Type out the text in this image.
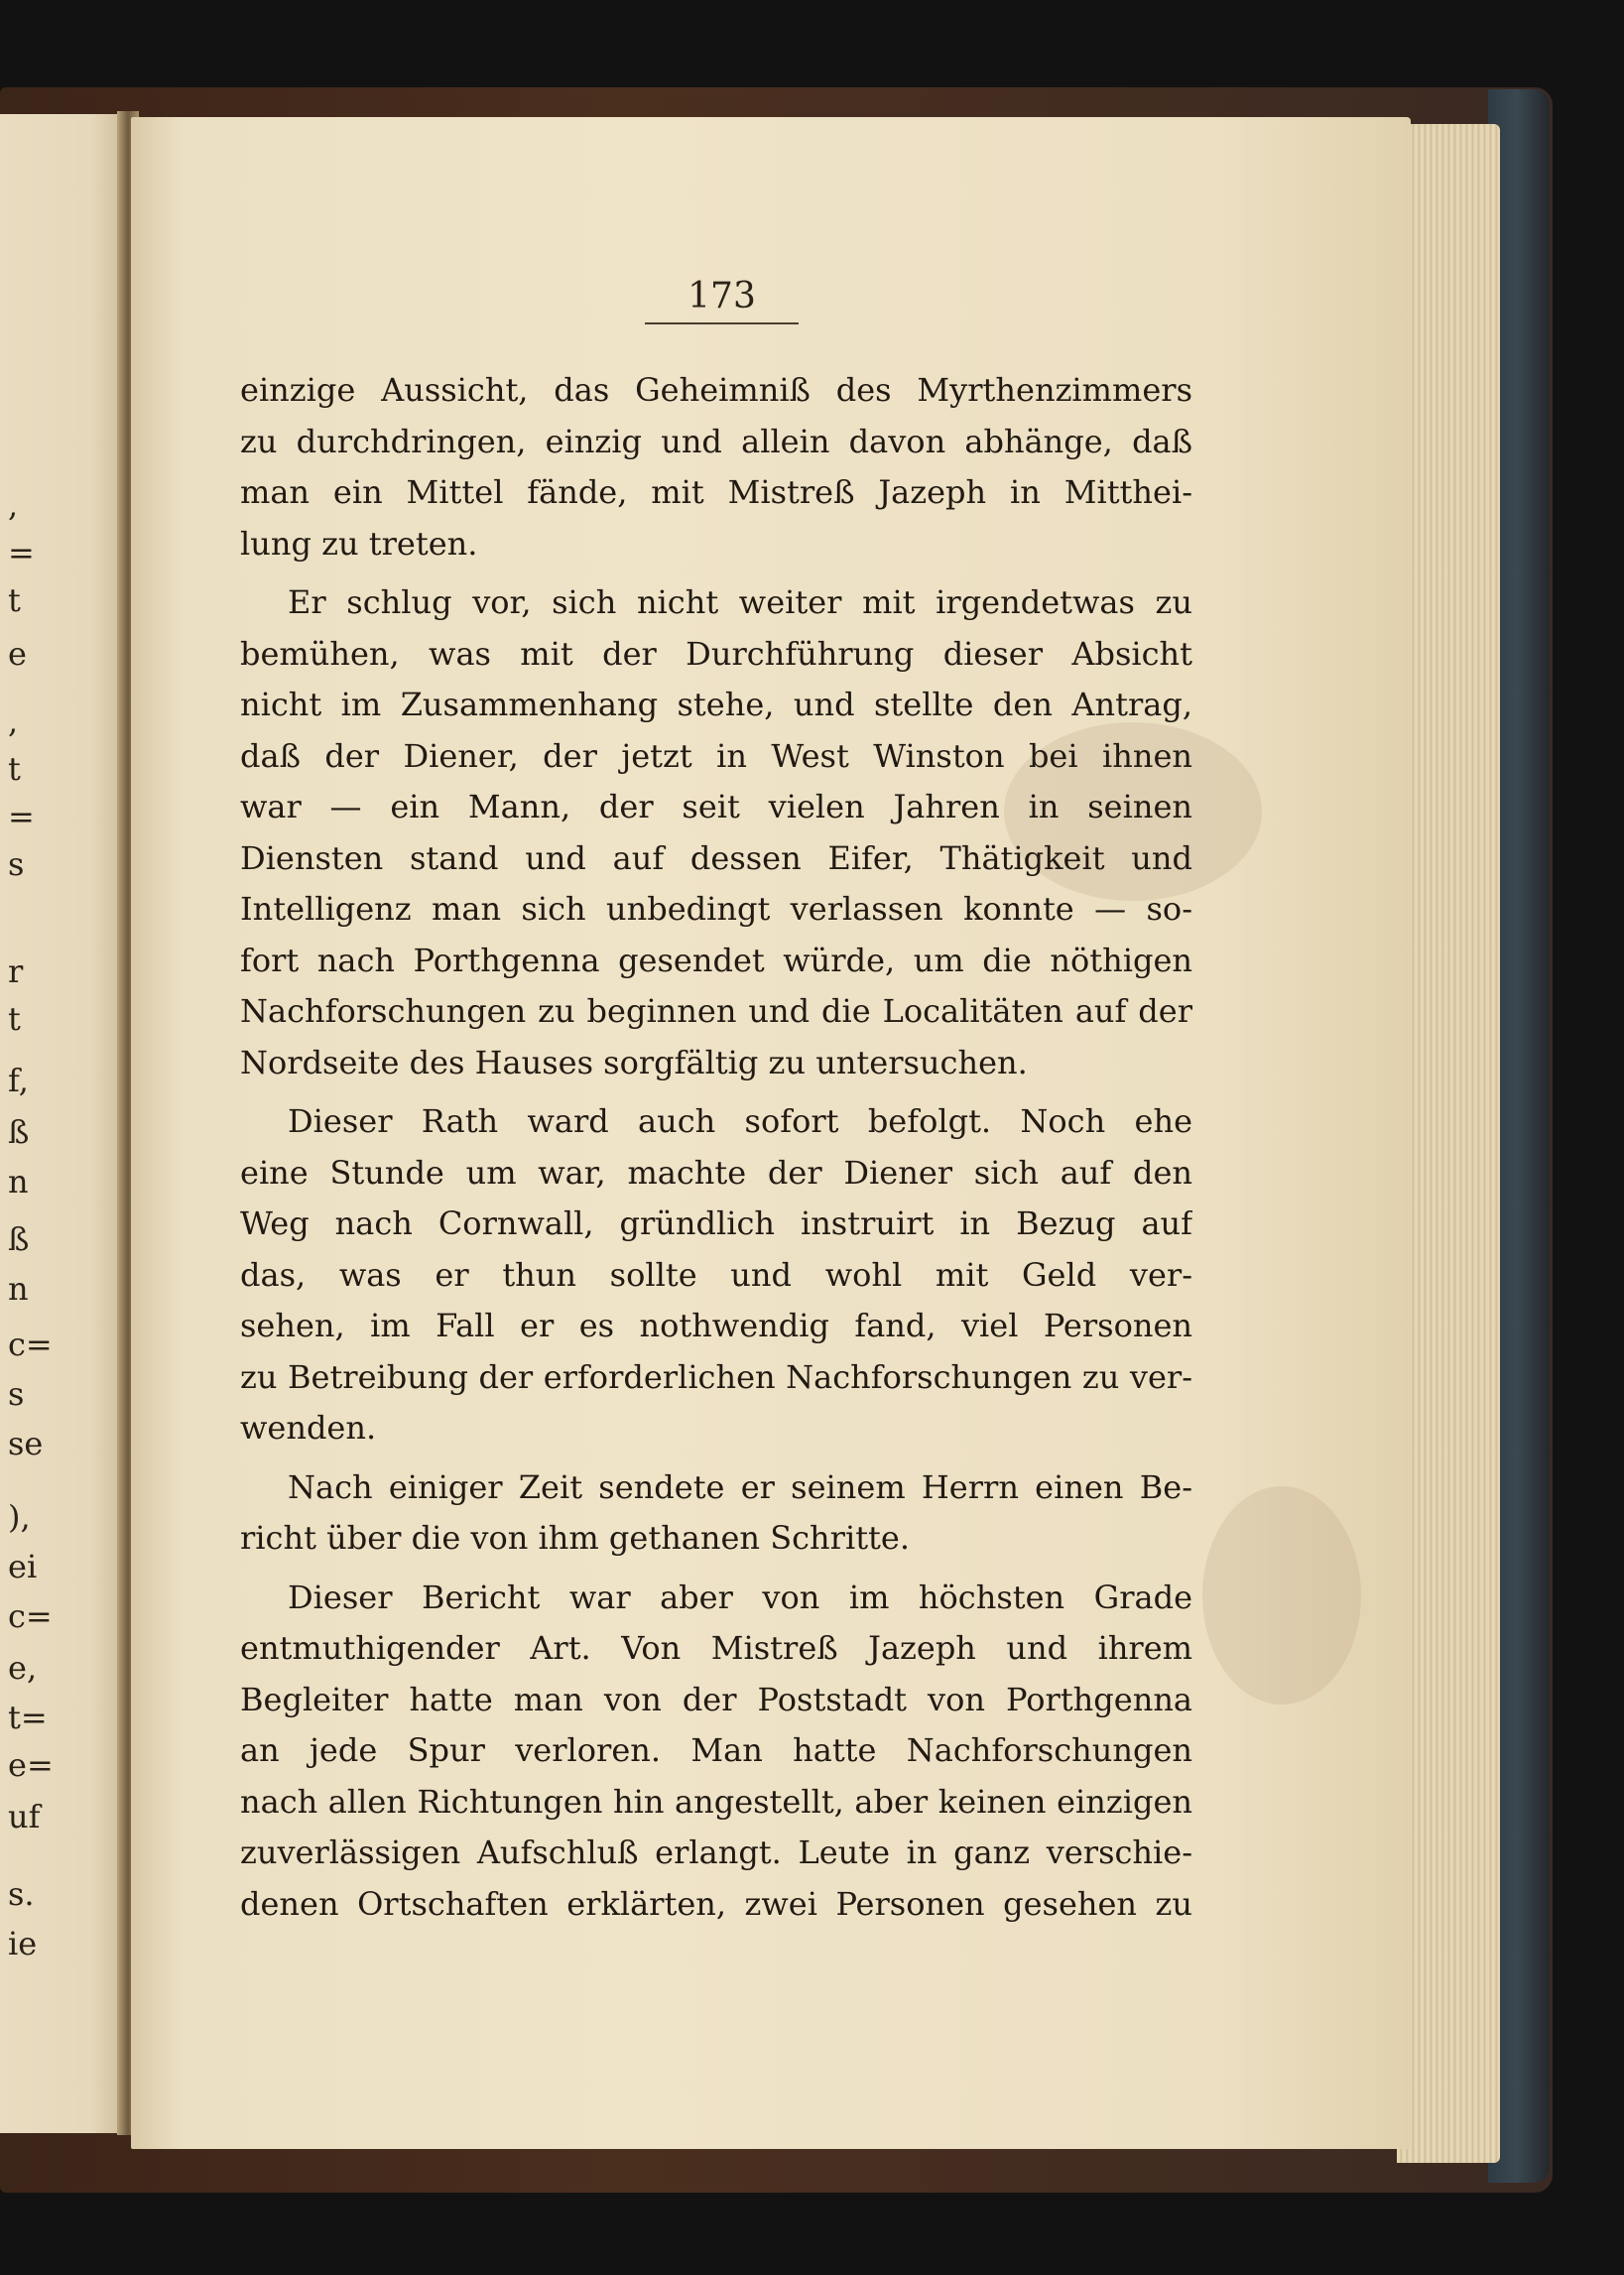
,
=
t
e
,
t
=
s
r
t
f,
ß
n
ß
n
c=
s
se
),
ei
c=
e,
t=
e=
uf
s.
ie
173
einzige Aussicht, das Geheimniß des Myrthenzimmers
zu durchdringen, einzig und allein davon abhänge, daß
man ein Mittel fände, mit Mistreß Jazeph in Mitthei-
lung zu treten.
Er schlug vor, sich nicht weiter mit irgendetwas zu
bemühen, was mit der Durchführung dieser Absicht
nicht im Zusammenhang stehe, und stellte den Antrag,
daß der Diener, der jetzt in West Winston bei ihnen
war — ein Mann, der seit vielen Jahren in seinen
Diensten stand und auf dessen Eifer, Thätigkeit und
Intelligenz man sich unbedingt verlassen konnte — so-
fort nach Porthgenna gesendet würde, um die nöthigen
Nachforschungen zu beginnen und die Localitäten auf der
Nordseite des Hauses sorgfältig zu untersuchen.
Dieser Rath ward auch sofort befolgt. Noch ehe
eine Stunde um war, machte der Diener sich auf den
Weg nach Cornwall, gründlich instruirt in Bezug auf
das, was er thun sollte und wohl mit Geld ver-
sehen, im Fall er es nothwendig fand, viel Personen
zu Betreibung der erforderlichen Nachforschungen zu ver-
wenden.
Nach einiger Zeit sendete er seinem Herrn einen Be-
richt über die von ihm gethanen Schritte.
Dieser Bericht war aber von im höchsten Grade
entmuthigender Art. Von Mistreß Jazeph und ihrem
Begleiter hatte man von der Poststadt von Porthgenna
an jede Spur verloren. Man hatte Nachforschungen
nach allen Richtungen hin angestellt, aber keinen einzigen
zuverlässigen Aufschluß erlangt. Leute in ganz verschie-
denen Ortschaften erklärten, zwei Personen gesehen zu
